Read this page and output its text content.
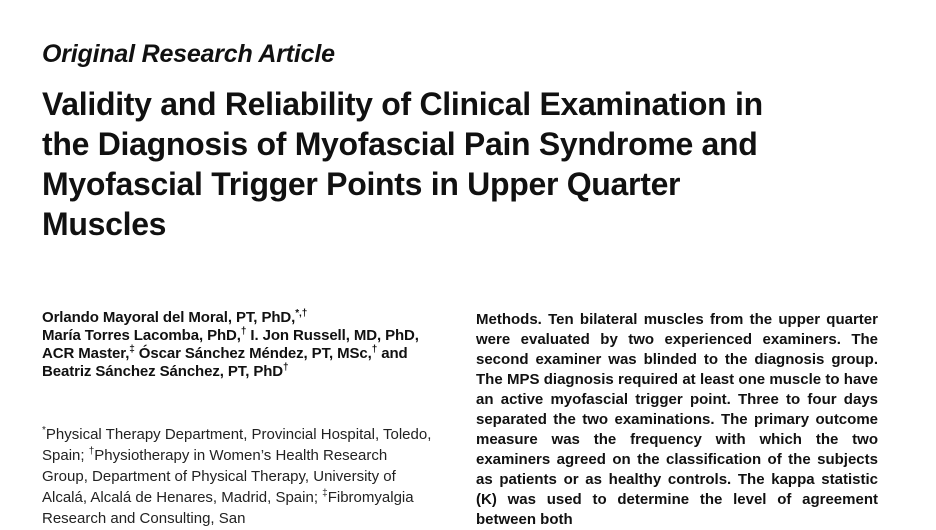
Original Research Article
Validity and Reliability of Clinical Examination in
the Diagnosis of Myofascial Pain Syndrome and
Myofascial Trigger Points in Upper Quarter
Muscles
Orlando Mayoral del Moral, PT, PhD,*,†
María Torres Lacomba, PhD,† I. Jon Russell, MD, PhD, ACR Master,‡ Óscar Sánchez Méndez, PT, MSc,† and Beatriz Sánchez Sánchez, PT, PhD†
*Physical Therapy Department, Provincial Hospital, Toledo, Spain; †Physiotherapy in Women’s Health Research Group, Department of Physical Therapy, University of Alcalá, Alcalá de Henares, Madrid, Spain; ‡Fibromyalgia Research and Consulting, San
Methods. Ten bilateral muscles from the upper quarter were evaluated by two experienced examiners. The second examiner was blinded to the diagnosis group. The MPS diagnosis required at least one muscle to have an active myofascial trigger point. Three to four days separated the two examinations. The primary outcome measure was the frequency with which the two examiners agreed on the classification of the subjects as patients or as healthy controls. The kappa statistic (K) was used to determine the level of agreement between both
